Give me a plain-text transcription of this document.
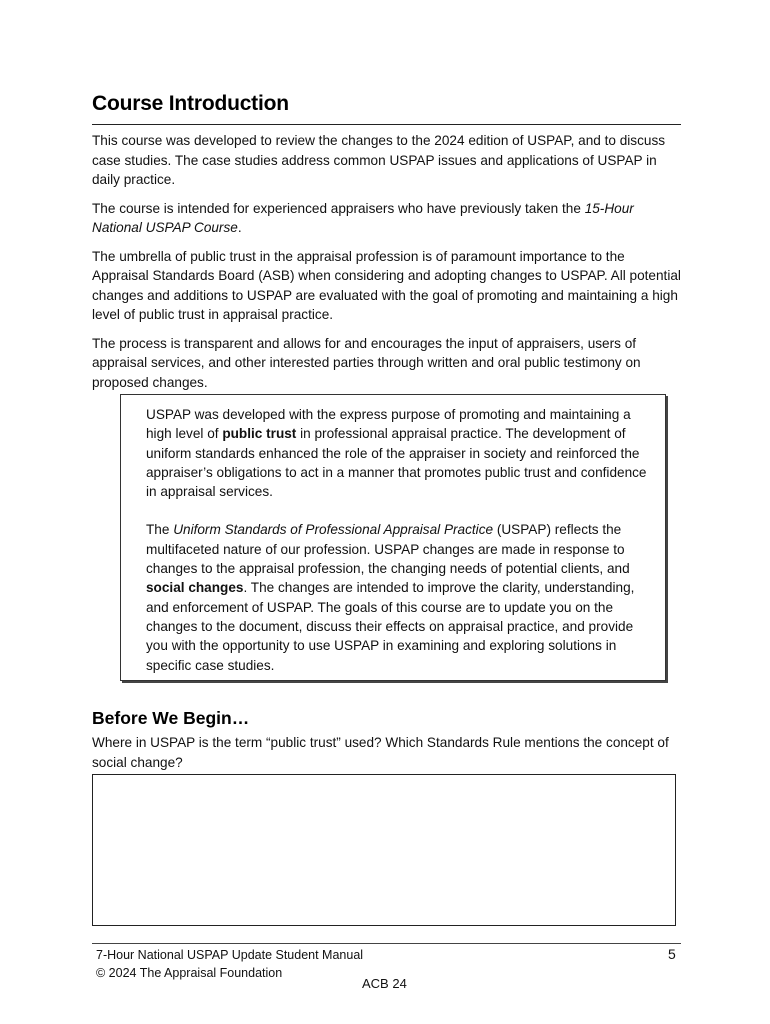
Course Introduction

This course was developed to review the changes to the 2024 edition of USPAP, and to discuss case studies. The case studies address common USPAP issues and applications of USPAP in daily practice.

The course is intended for experienced appraisers who have previously taken the 15-Hour National USPAP Course.

The umbrella of public trust in the appraisal profession is of paramount importance to the Appraisal Standards Board (ASB) when considering and adopting changes to USPAP. All potential changes and additions to USPAP are evaluated with the goal of promoting and maintaining a high level of public trust in appraisal practice.

The process is transparent and allows for and encourages the input of appraisers, users of appraisal services, and other interested parties through written and oral public testimony on proposed changes.

USPAP was developed with the express purpose of promoting and maintaining a high level of public trust in professional appraisal practice. The development of uniform standards enhanced the role of the appraiser in society and reinforced the appraiser’s obligations to act in a manner that promotes public trust and confidence in appraisal services.

The Uniform Standards of Professional Appraisal Practice (USPAP) reflects the multifaceted nature of our profession. USPAP changes are made in response to changes to the appraisal profession, the changing needs of potential clients, and social changes. The changes are intended to improve the clarity, understanding, and enforcement of USPAP. The goals of this course are to update you on the changes to the document, discuss their effects on appraisal practice, and provide you with the opportunity to use USPAP in examining and exploring solutions in specific case studies.

Before We Begin…
Where in USPAP is the term “public trust” used? Which Standards Rule mentions the concept of social change?
7-Hour National USPAP Update Student Manual
© 2024 The Appraisal Foundation
5
ACB 24
